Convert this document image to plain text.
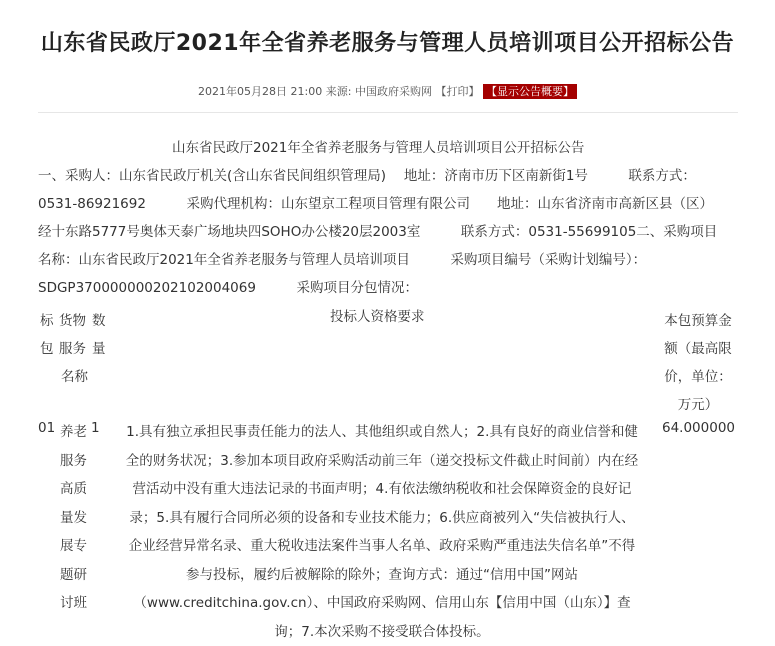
山东省民政厅2021年全省养老服务与管理人员培训项目公开招标公告
2021年05月28日 21:00 来源: 中国政府采购网 【打印】 【显示公告概要】
山东省民政厅2021年全省养老服务与管理人员培训项目公开招标公告
一、采购人：山东省民政厅机关(含山东省民间组织管理局)　 地址：济南市历下区南新街1号　　　联系方式：
0531-86921692　　　采购代理机构：山东望京工程项目管理有限公司　　地址：山东省济南市高新区县（区）
经十东路5777号奥体天泰广场地块四SOHO办公楼20层2003室　　　联系方式：0531-55699105二、采购项目
名称：山东省民政厅2021年全省养老服务与管理人员培训项目　　　采购项目编号（采购计划编号）：
SDGP370000000202102004069　　　采购项目分包情况：
标
包
货物
服务
名称
数
量
投标人资格要求	本包预算金
额（最高限
价，单位：
万元）
01 养老
服务
高质
量发
展专
题研
讨班
1	1.具有独立承担民事责任能力的法人、其他组织或自然人；2.具有良好的商业信誉和健
全的财务状况；3.参加本项目政府采购活动前三年（递交投标文件截止时间前）内在经
营活动中没有重大违法记录的书面声明；4.有依法缴纳税收和社会保障资金的良好记
录；5.具有履行合同所必须的设备和专业技术能力；6.供应商被列入“失信被执行人、
企业经营异常名录、重大税收违法案件当事人名单、政府采购严重违法失信名单”不得
参与投标，履约后被解除的除外；查询方式：通过“信用中国”网站
（www.creditchina.gov.cn）、中国政府采购网、信用山东【信用中国（山东）】查
询；7.本次采购不接受联合体投标。
64.000000
